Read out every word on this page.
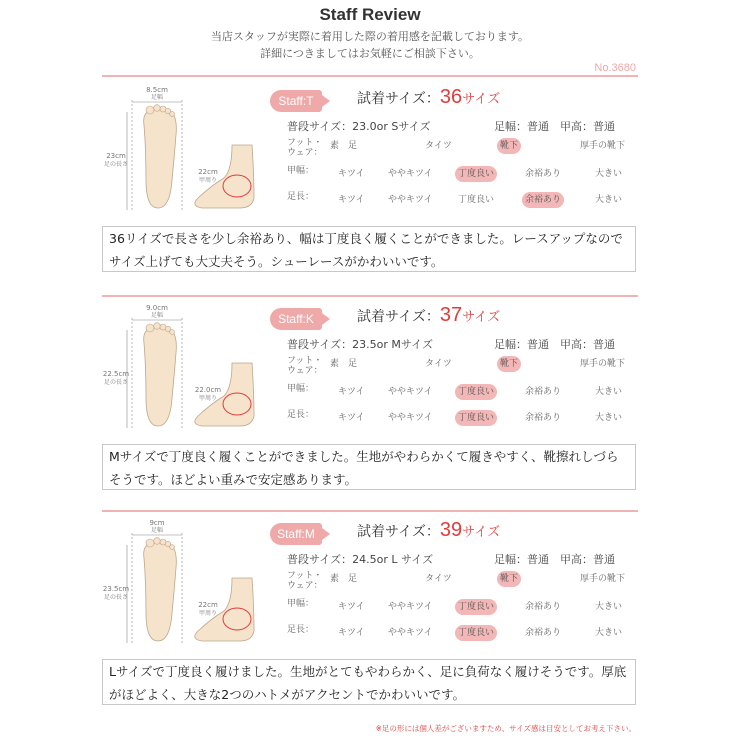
Staff Review
当店スタッフが実際に着用した際の着用感を記載しております。
詳細につきましてはお気軽にご相談下さい。
No.3680
8.5cm
足幅
23cm
足の長さ
22cm
甲周り
Staff:T	試着サイズ：36サイズ
普段サイズ：23.0or Sサイズ	足幅：普通　甲高：普通
フット・ウェア：
素　足	タイツ	靴下	厚手の靴下
甲幅：	キツイ	ややキツイ	丁度良い	余裕あり	大きい
足長：	キツイ	ややキツイ	丁度良い	余裕あり	大きい
36リイズで長さを少し余裕あり、幅は丁度良く履くことができました。レースアップなのでサイズ上げても大丈夫そう。シューレースがかわいいです。
9.0cm
足幅
22.5cm
足の長さ
22.0cm
甲周り
Staff:K	試着サイズ：37サイズ
普段サイズ：23.5or Mサイズ	足幅：普通　甲高：普通
フット・ウェア：
素　足	タイツ	靴下	厚手の靴下
甲幅：	キツイ	ややキツイ	丁度良い	余裕あり	大きい
足長：	キツイ	ややキツイ	丁度良い	余裕あり	大きい
Mサイズで丁度良く履くことができました。生地がやわらかくて履きやすく、靴擦れしづらそうです。ほどよい重みで安定感あります。
9cm
足幅
23.5cm
足の長さ
22cm
甲周り
Staff:M	試着サイズ：39サイズ
普段サイズ：24.5or L サイズ	足幅：普通　甲高：普通
フット・ウェア：
素　足	タイツ	靴下	厚手の靴下
甲幅：	キツイ	ややキツイ	丁度良い	余裕あり	大きい
足長：	キツイ	ややキツイ	丁度良い	余裕あり	大きい
Lサイズで丁度良く履けました。生地がとてもやわらかく、足に負荷なく履けそうです。厚底がほどよく、大きな2つのハトメがアクセントでかわいいです。
※足の形には個人差がございますため、サイズ感は目安としてお考え下さい。
